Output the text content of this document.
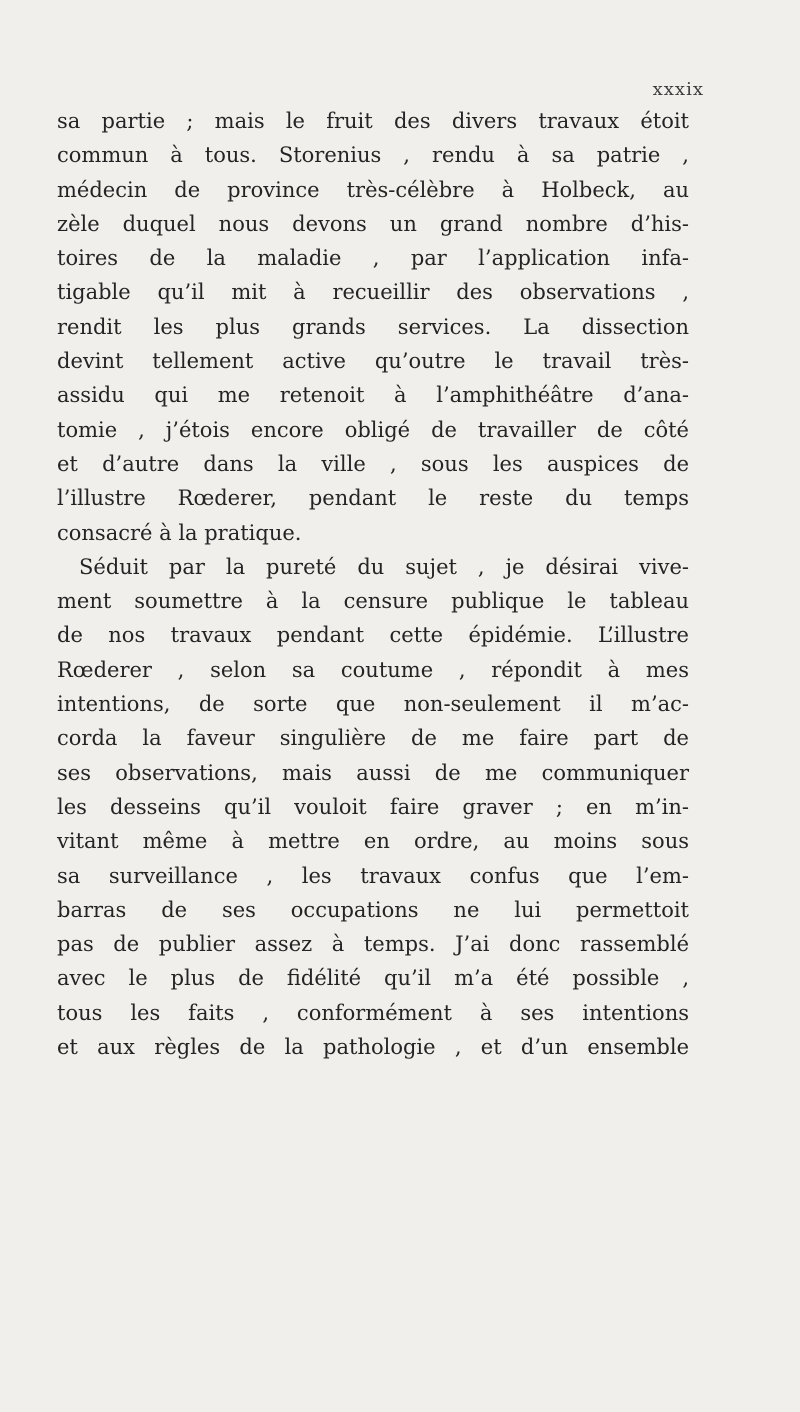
xxxix
sa partie ; mais le fruit des divers travaux étoit
commun à tous. Storenius , rendu à sa patrie ,
médecin de province très-célèbre à Holbeck, au
zèle duquel nous devons un grand nombre d’his-
toires de la maladie , par l’application infa-
tigable qu’il mit à recueillir des observations ,
rendit les plus grands services. La dissection
devint tellement active qu’outre le travail très-
assidu qui me retenoit à l’amphithéâtre d’ana-
tomie , j’étois encore obligé de travailler de côté
et d’autre dans la ville , sous les auspices de
l’illustre Rœderer, pendant le reste du temps
consacré à la pratique.
Séduit par la pureté du sujet , je désirai vive-
ment soumettre à la censure publique le tableau
de nos travaux pendant cette épidémie. L’illustre
Rœderer , selon sa coutume , répondit à mes
intentions, de sorte que non-seulement il m’ac-
corda la faveur singulière de me faire part de
ses observations, mais aussi de me communiquer
les desseins qu’il vouloit faire graver ; en m’in-
vitant même à mettre en ordre, au moins sous
sa surveillance , les travaux confus que l’em-
barras de ses occupations ne lui permettoit
pas de publier assez à temps. J’ai donc rassemblé
avec le plus de fidélité qu’il m’a été possible ,
tous les faits , conformément à ses intentions
et aux règles de la pathologie , et d’un ensemble
